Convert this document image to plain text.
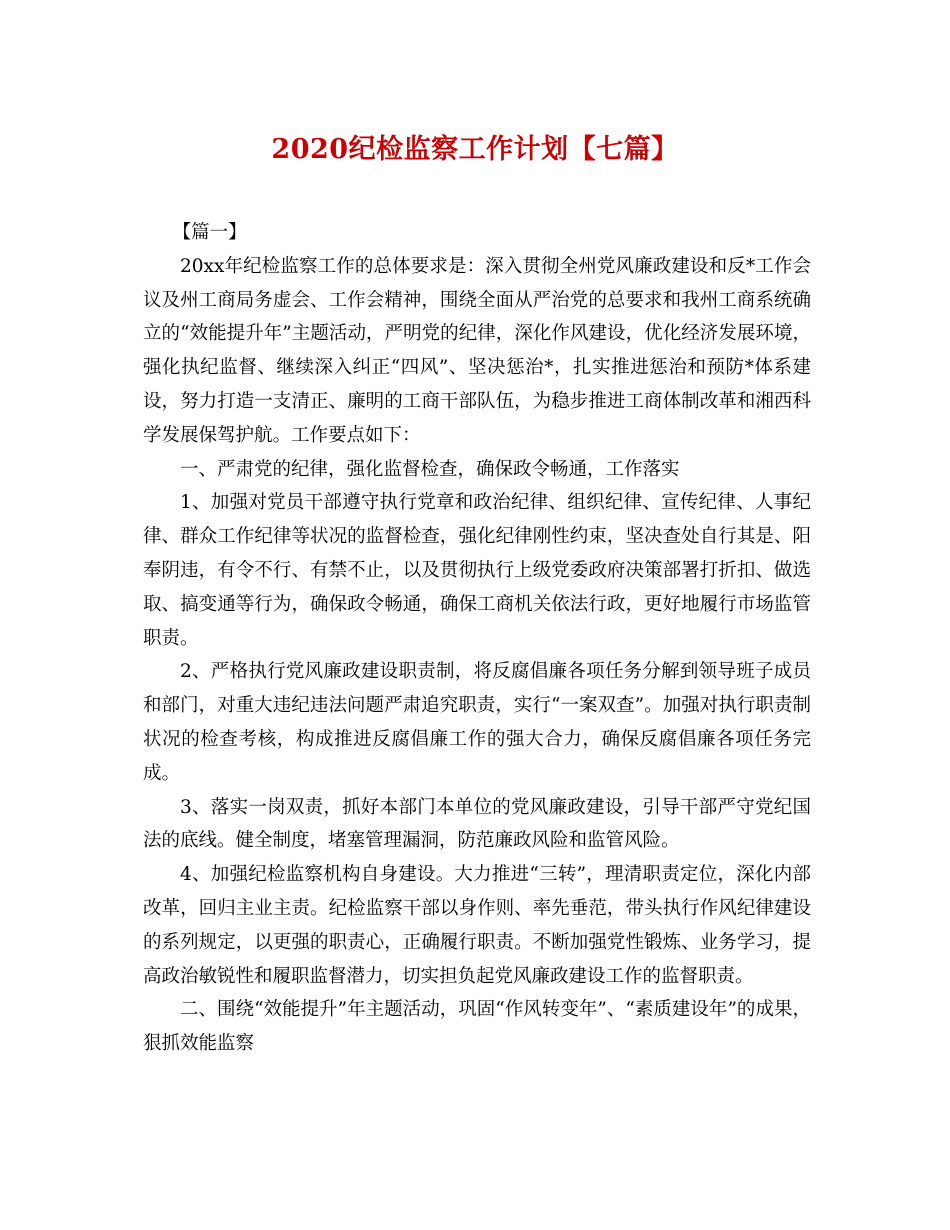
2020纪检监察工作计划【七篇】

【篇一】

20xx年纪检监察工作的总体要求是：深入贯彻全州党风廉政建设和反*工作会议及州工商局务虚会、工作会精神，围绕全面从严治党的总要求和我州工商系统确立的“效能提升年”主题活动，严明党的纪律，深化作风建设，优化经济发展环境，强化执纪监督、继续深入纠正“四风”、坚决惩治*，扎实推进惩治和预防*体系建设，努力打造一支清正、廉明的工商干部队伍，为稳步推进工商体制改革和湘西科学发展保驾护航。工作要点如下：

一、严肃党的纪律，强化监督检查，确保政令畅通，工作落实

1、加强对党员干部遵守执行党章和政治纪律、组织纪律、宣传纪律、人事纪律、群众工作纪律等状况的监督检查，强化纪律刚性约束，坚决查处自行其是、阳奉阴违，有令不行、有禁不止，以及贯彻执行上级党委政府决策部署打折扣、做选取、搞变通等行为，确保政令畅通，确保工商机关依法行政，更好地履行市场监管职责。

2、严格执行党风廉政建设职责制，将反腐倡廉各项任务分解到领导班子成员和部门，对重大违纪违法问题严肃追究职责，实行“一案双查”。加强对执行职责制状况的检查考核，构成推进反腐倡廉工作的强大合力，确保反腐倡廉各项任务完成。

3、落实一岗双责，抓好本部门本单位的党风廉政建设，引导干部严守党纪国法的底线。健全制度，堵塞管理漏洞，防范廉政风险和监管风险。

4、加强纪检监察机构自身建设。大力推进“三转”，理清职责定位，深化内部改革，回归主业主责。纪检监察干部以身作则、率先垂范，带头执行作风纪律建设的系列规定，以更强的职责心，正确履行职责。不断加强党性锻炼、业务学习，提高政治敏锐性和履职监督潜力，切实担负起党风廉政建设工作的监督职责。

二、围绕“效能提升”年主题活动，巩固“作风转变年”、“素质建设年”的成果，狠抓效能监察
